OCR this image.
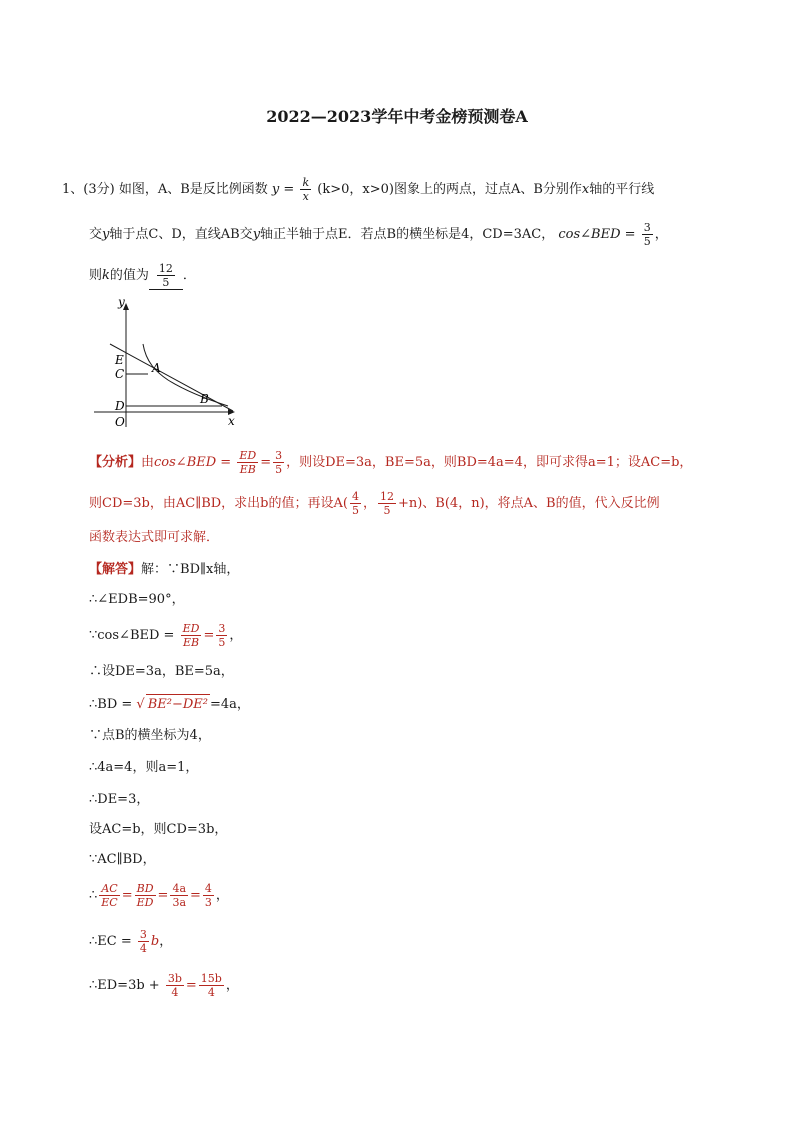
2022—2023学年中考金榜预测卷A
1、(3分) 如图，A、B是反比例函数 $y = \frac{k}{x} (k>0$，x>0)图象上的两点，过点A、B分别作x轴的平行线
交y轴于点C、D，直线AB交y轴正半轴于点E．若点B的横坐标是4，CD=3AC， cos∠BED = $\frac{3}{5}$ ，
则k的值为 $\frac{12}{5}$ ．
y
x
E
C A
D
O
B
【分析】由cos∠BED = $\frac{ED}{EB} = \frac{3}{5}$ ，则设DE=3a，BE=5a，则BD=4a=4，即可求得a=1；设AC=b，
则CD=3b，由AC∥BD，求出b的值；再设$A( \frac{4}{5}$ ， $\frac{12}{5} +n$)、B(4，n)，将点A、B的值，代入反比例
函数表达式即可求解．
【解答】解：∵BD∥x轴，
∴∠EDB=90°，
∵cos∠BED = $\frac{ED}{EB} = \frac{3}{5}$ ，
∴设DE=3a，BE=5a，
∴BD = √ BE²−DE² =4a，
∵点B的横坐标为4，
∴4a=4，则a=1，
∴DE=3，
设AC=b，则CD=3b，
∵AC∥BD，
∴ $\frac{AC}{EC} = \frac{BD}{ED} = \frac{4a}{3a} = \frac{4}{3}$ ，
∴EC = $\frac{3}{4}$ b，
∴ED=3b + $\frac{3b}{4} = \frac{15b}{4}$ ，
